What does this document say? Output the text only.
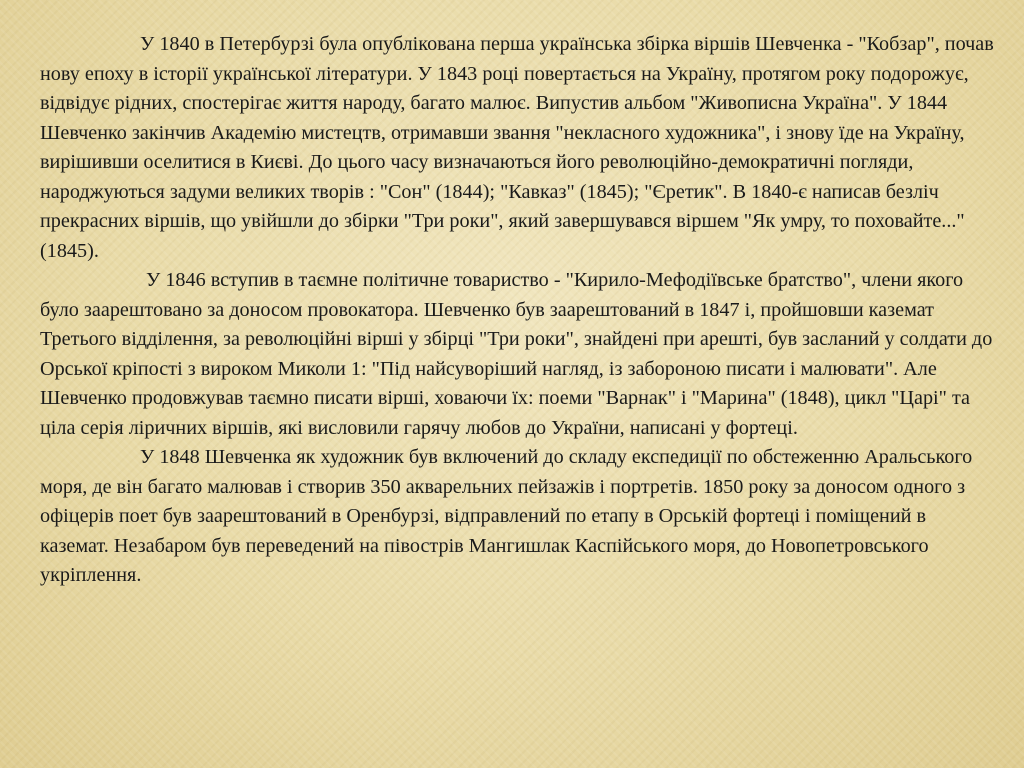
У 1840 в Петербурзі була опублікована перша українська збірка віршів Шевченка - "Кобзар", почав нову епоху в історії української літератури. У 1843 році повертається на Україну, протягом року подорожує, відвідує рідних, спостерігає життя народу, багато малює. Випустив альбом "Живописна Україна". У 1844 Шевченко закінчив Академію мистецтв, отримавши звання "некласного художника", і знову їде на Україну, вирішивши оселитися в Києві. До цього часу визначаються його революційно-демократичні погляди, народжуються задуми великих творів : "Сон" (1844); "Кавказ" (1845); "Єретик". В 1840-є написав безліч прекрасних віршів, що увійшли до збірки "Три роки", який завершувався віршем "Як умру, то поховайте..." (1845).

У 1846 вступив в таємне політичне товариство - "Кирило-Мефодіївське братство", члени якого було заарештовано за доносом провокатора. Шевченко був заарештований в 1847 і, пройшовши каземат Третього відділення, за революційні вірші у збірці "Три роки", знайдені при арешті, був засланий у солдати до Орської кріпості з вироком Миколи 1: "Під найсуворіший нагляд, із забороною писати і малювати". Але Шевченко продовжував таємно писати вірші, ховаючи їх: поеми "Варнак" і "Марина" (1848), цикл "Царі" та ціла серія ліричних віршів, які висловили гарячу любов до України, написані у фортеці.

У 1848 Шевченка як художник був включений до складу експедиції по обстеженню Аральського моря, де він багато малював і створив 350 акварельних пейзажів і портретів. 1850 року за доносом одного з офіцерів поет був заарештований в Оренбурзі, відправлений по етапу в Орській фортеці і поміщений в каземат. Незабаром був переведений на півострів Мангишлак Каспійського моря, до Новопетровського укріплення.
